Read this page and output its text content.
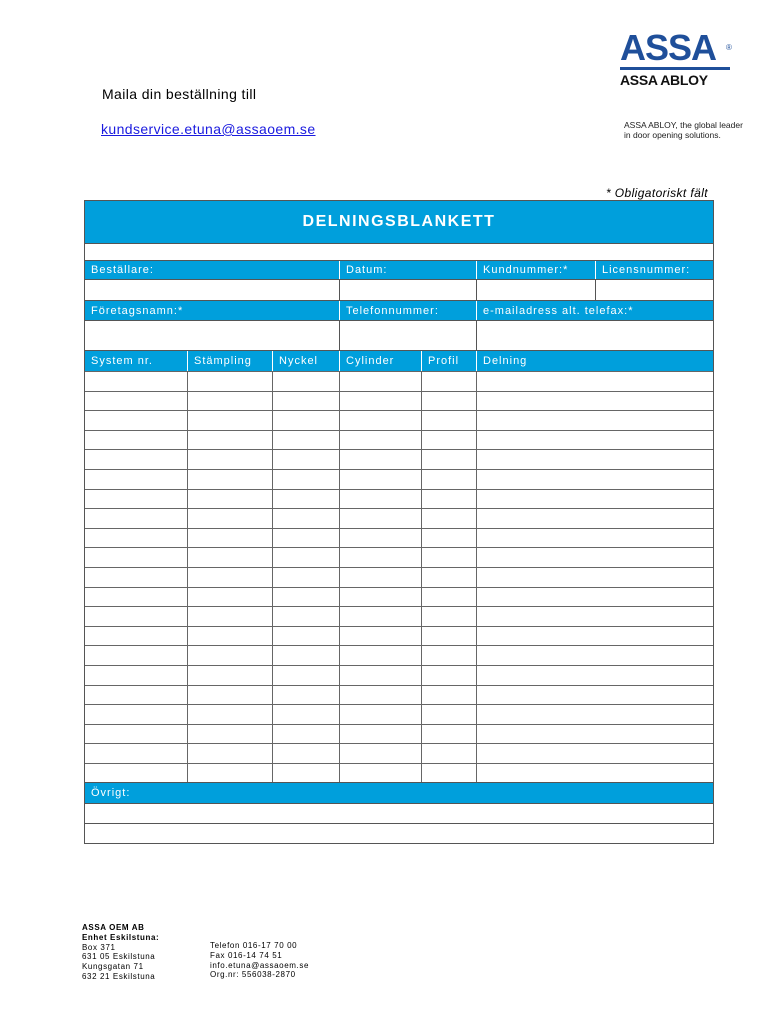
Maila din beställning till
kundservice.etuna@assaoem.se
ASSA ®
ASSA ABLOY
ASSA ABLOY, the global leader
in door opening solutions.
* Obligatoriskt fält
DELNINGSBLANKETT
Beställare:	Datum:	Kundnummer:*	Licensnummer:
Företagsnamn:*	Telefonnummer:	e-mailadress alt. telefax:*
System nr.	Stämpling	Nyckel	Cylinder	Profil	Delning
Övrigt:
ASSA OEM AB
Enhet Eskilstuna:
Box 371
631 05 Eskilstuna
Kungsgatan 71
632 21 Eskilstuna
Telefon 016-17 70 00
Fax 016-14 74 51
info.etuna@assaoem.se
Org.nr: 556038-2870
